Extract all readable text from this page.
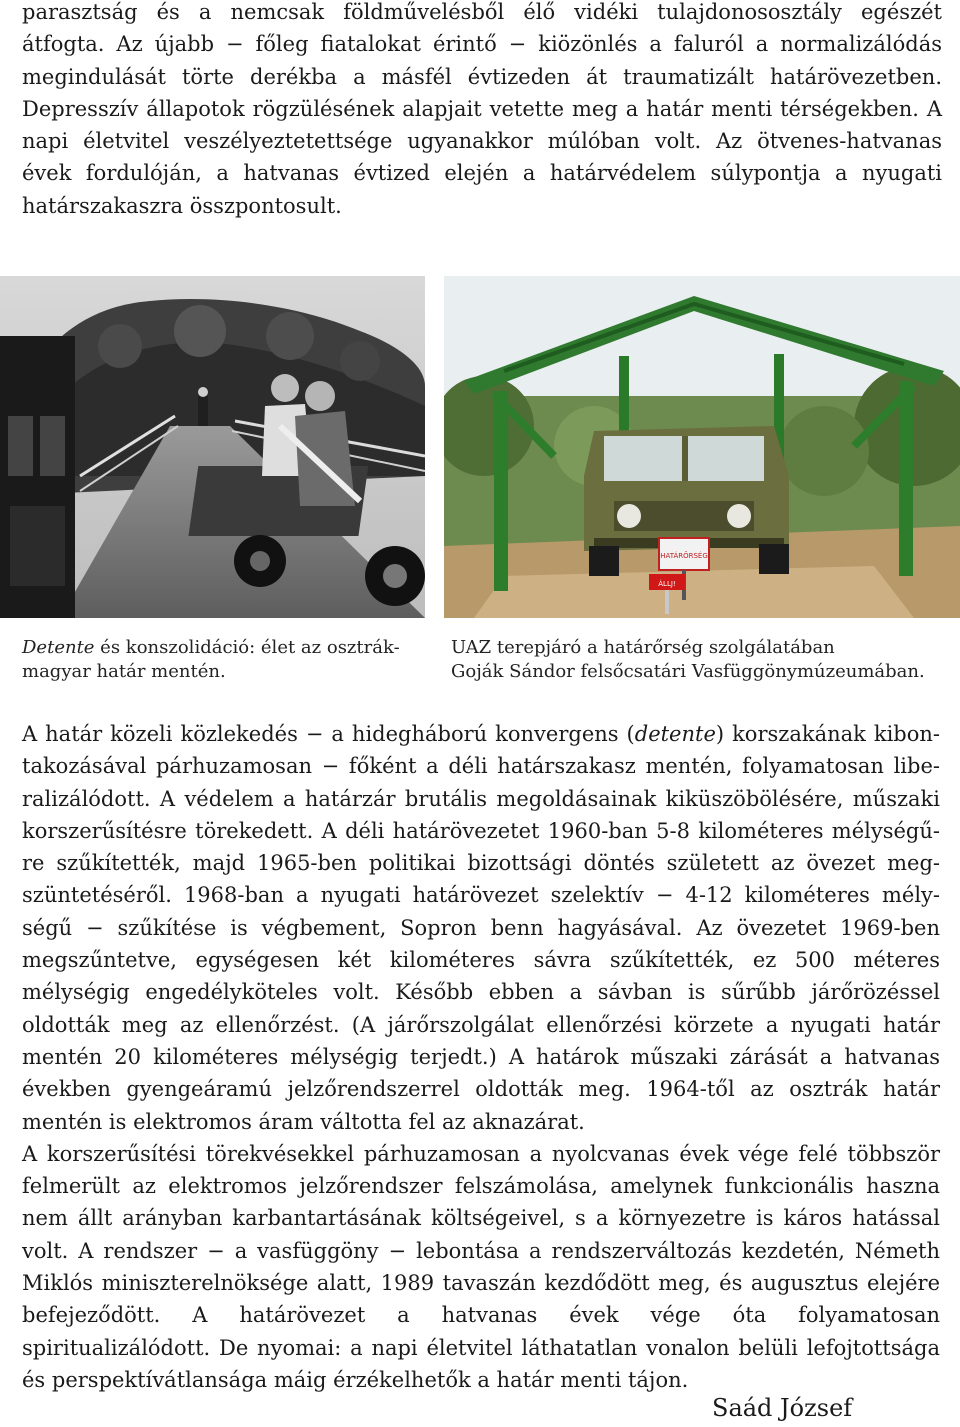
parasztság és a nemcsak földművelésből élő vidéki tulajdonososztály egészét
átfogta. Az újabb − főleg fiatalokat érintő − kiözönlés a faluról a normalizálódás
megindulását törte derékba a másfél évtizeden át traumatizált határövezetben.
Depresszív állapotok rögzülésének alapjait vetette meg a határ menti térségekben. A
napi életvitel veszélyeztetettsége ugyanakkor múlóban volt. Az ötvenes-hatvanas
évek fordulóján, a hatvanas évtized elején a határvédelem súlypontja a nyugati
határszakaszra összpontosult.
HATÁRŐRSÉG
ÁLLJ!
Detente és konszolidáció: élet az osztrák-
magyar határ mentén.
UAZ terepjáró a határőrség szolgálatában
Goják Sándor felsőcsatári Vasfüggönymúzeumában.
A határ közeli közlekedés − a hidegháború konvergens (detente) korszakának kibon-
takozásával párhuzamosan − főként a déli határszakasz mentén, folyamatosan libe-
ralizálódott. A védelem a határzár brutális megoldásainak kiküszöbölésére, műszaki
korszerűsítésre törekedett. A déli határövezetet 1960-ban 5-8 kilométeres mélységű-
re szűkítették, majd 1965-ben politikai bizottsági döntés született az övezet meg-
szüntetéséről. 1968-ban a nyugati határövezet szelektív − 4-12 kilométeres mély-
ségű − szűkítése is végbement, Sopron benn hagyásával. Az övezetet 1969-ben
megszűntetve, egységesen két kilométeres sávra szűkítették, ez 500 méteres
mélységig engedélyköteles volt. Később ebben a sávban is sűrűbb járőrözéssel
oldották meg az ellenőrzést. (A járőrszolgálat ellenőrzési körzete a nyugati határ
mentén 20 kilométeres mélységig terjedt.) A határok műszaki zárását a hatvanas
években gyengeáramú jelzőrendszerrel oldották meg. 1964-től az osztrák határ
mentén is elektromos áram váltotta fel az aknazárat.
A korszerűsítési törekvésekkel párhuzamosan a nyolcvanas évek vége felé többször
felmerült az elektromos jelzőrendszer felszámolása, amelynek funkcionális haszna
nem állt arányban karbantartásának költségeivel, s a környezetre is káros hatással
volt. A rendszer − a vasfüggöny − lebontása a rendszerváltozás kezdetén, Németh
Miklós miniszterelnöksége alatt, 1989 tavaszán kezdődött meg, és augusztus elejére
befejeződött. A határövezet a hatvanas évek vége óta folyamatosan
spiritualizálódott. De nyomai: a napi életvitel láthatatlan vonalon belüli lefojtottsága
és perspektívátlansága máig érzékelhetők a határ menti tájon.
Saád József
